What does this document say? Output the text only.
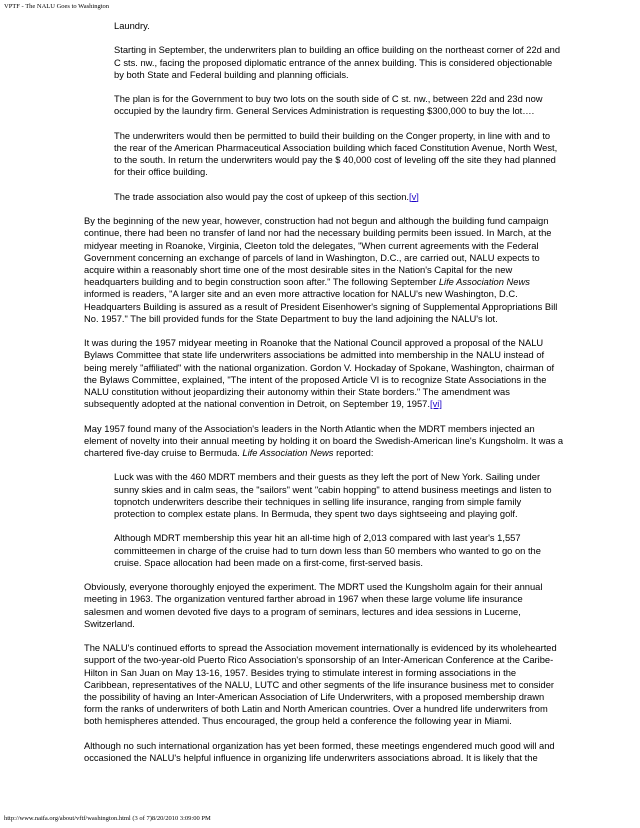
VPTF - The NALU Goes to Washington

Laundry.

Starting in September, the underwriters plan to building an office building on the northeast corner of 22d and C sts. nw., facing the proposed diplomatic entrance of the annex building. This is considered objectionable by both State and Federal building and planning officials.

The plan is for the Government to buy two lots on the south side of C st. nw., between 22d and 23d now occupied by the laundry firm. General Services Administration is requesting $300,000 to buy the lot….

The underwriters would then be permitted to build their building on the Conger property, in line with and to the rear of the American Pharmaceutical Association building which faced Constitution Avenue, North West, to the south. In return the underwriters would pay the $ 40,000 cost of leveling off the site they had planned for their office building.

The trade association also would pay the cost of upkeep of this section.[v]

By the beginning of the new year, however, construction had not begun and although the building fund campaign continue, there had been no transfer of land nor had the necessary building permits been issued. In March, at the midyear meeting in Roanoke, Virginia, Cleeton told the delegates, "When current agreements with the Federal Government concerning an exchange of parcels of land in Washington, D.C., are carried out, NALU expects to acquire within a reasonably short time one of the most desirable sites in the Nation's Capital for the new headquarters building and to begin construction soon after." The following September Life Association News informed is readers, "A larger site and an even more attractive location for NALU's new Washington, D.C. Headquarters Building is assured as a result of President Eisenhower's signing of Supplemental Appropriations Bill No. 1957." The bill provided funds for the State Department to buy the land adjoining the NALU's lot.

It was during the 1957 midyear meeting in Roanoke that the National Council approved a proposal of the NALU Bylaws Committee that state life underwriters associations be admitted into membership in the NALU instead of being merely "affiliated" with the national organization. Gordon V. Hockaday of Spokane, Washington, chairman of the Bylaws Committee, explained, "The intent of the proposed Article VI is to recognize State Associations in the NALU constitution without jeopardizing their autonomy within their State borders." The amendment was subsequently adopted at the national convention in Detroit, on September 19, 1957.[vi]

May 1957 found many of the Association's leaders in the North Atlantic when the MDRT members injected an element of novelty into their annual meeting by holding it on board the Swedish-American line's Kungsholm. It was a chartered five-day cruise to Bermuda. Life Association News reported:

Luck was with the 460 MDRT members and their guests as they left the port of New York. Sailing under sunny skies and in calm seas, the "sailors" went "cabin hopping" to attend business meetings and listen to topnotch underwriters describe their techniques in selling life insurance, ranging from simple family protection to complex estate plans. In Bermuda, they spent two days sightseeing and playing golf.

Although MDRT membership this year hit an all-time high of 2,013 compared with last year's 1,557 committeemen in charge of the cruise had to turn down less than 50 members who wanted to go on the cruise. Space allocation had been made on a first-come, first-served basis.

Obviously, everyone thoroughly enjoyed the experiment. The MDRT used the Kungsholm again for their annual meeting in 1963. The organization ventured farther abroad in 1967 when these large volume life insurance salesmen and women devoted five days to a program of seminars, lectures and idea sessions in Lucerne, Switzerland.

The NALU's continued efforts to spread the Association movement internationally is evidenced by its wholehearted support of the two-year-old Puerto Rico Association's sponsorship of an Inter-American Conference at the Caribe-Hilton in San Juan on May 13-16, 1957. Besides trying to stimulate interest in forming associations in the Caribbean, representatives of the NALU, LUTC and other segments of the life insurance business met to consider the possibility of having an Inter-American Association of Life Underwriters, with a proposed membership drawn form the ranks of underwriters of both Latin and North American countries. Over a hundred life underwriters from both hemispheres attended. Thus encouraged, the group held a conference the following year in Miami.

Although no such international organization has yet been formed, these meetings engendered much good will and occasioned the NALU's helpful influence in organizing life underwriters associations abroad. It is likely that the

http://www.naifa.org/about/vftf/washington.html (3 of 7)8/20/2010 3:09:00 PM
